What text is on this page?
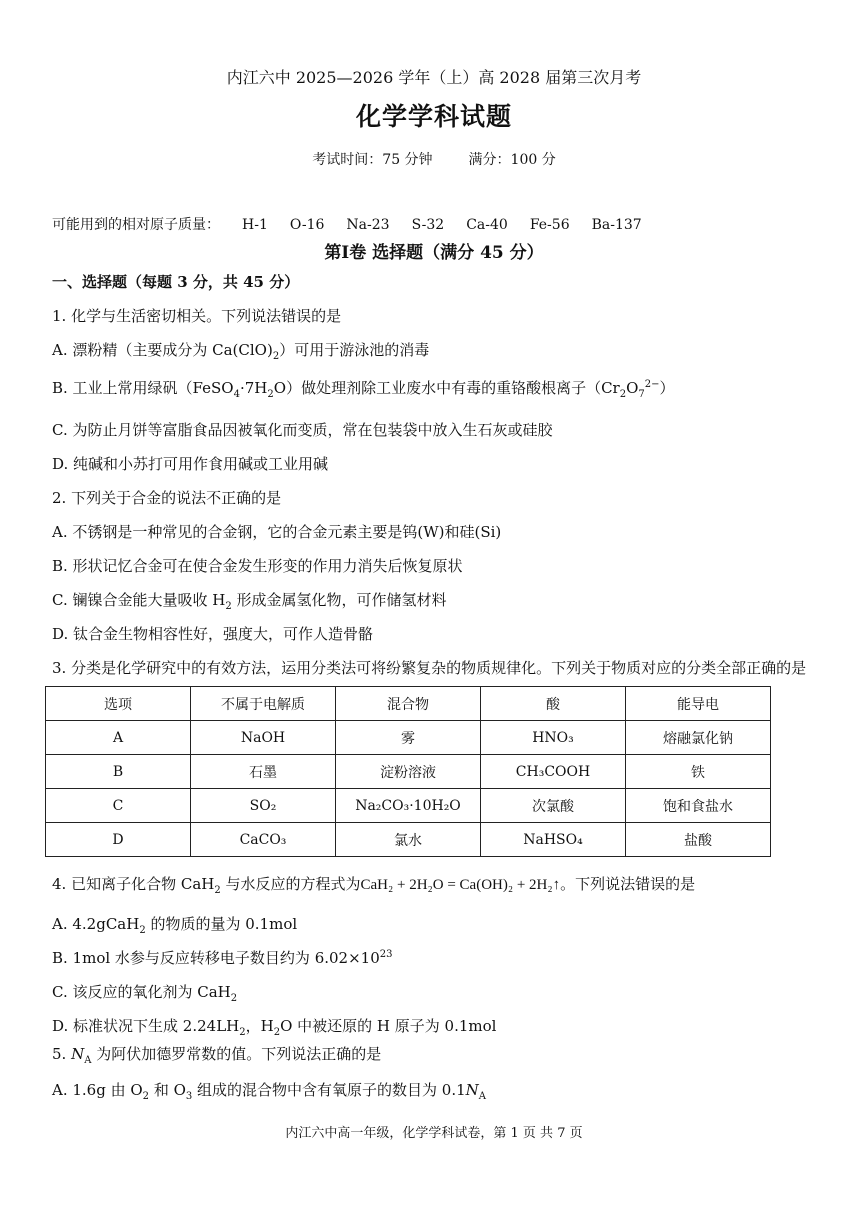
内江六中 2025—2026 学年（上）高 2028 届第三次月考
化学学科试题
考试时间：75 分钟	满分：100 分
可能用到的相对原子质量： H-1 O-16 Na-23 S-32 Ca-40 Fe-56 Ba-137
第Ⅰ卷 选择题（满分 45 分）
一、选择题（每题 3 分，共 45 分）
1. 化学与生活密切相关。下列说法错误的是
A. 漂粉精（主要成分为 $Ca(ClO)_2$）可用于游泳池的消毒
B. 工业上常用绿矾$(FeSO_4\cdot 7H_2O)$做处理剂除工业废水中有毒的重铬酸根离子$(Cr_2O_7^{2-})$
C. 为防止月饼等富脂食品因被氧化而变质，常在包装袋中放入生石灰或硅胶
D. 纯碱和小苏打可用作食用碱或工业用碱
2. 下列关于合金的说法不正确的是
A. 不锈钢是一种常见的合金钢，它的合金元素主要是钨(W)和硅(Si)
B. 形状记忆合金可在使合金发生形变的作用力消失后恢复原状
C. 镧镍合金能大量吸收 $H_2$ 形成金属氢化物，可作储氢材料
D. 钛合金生物相容性好，强度大，可作人造骨骼
3. 分类是化学研究中的有效方法，运用分类法可将纷繁复杂的物质规律化。下列关于物质对应的分类全部正确的是
选项	不属于电解质	混合物	酸	能导电
A	NaOH	雾	HNO₃	熔融氯化钠
B	石墨	淀粉溶液	CH₃COOH	铁
C	SO₂	Na₂CO₃·10H₂O	次氯酸	饱和食盐水
D	CaCO₃	氯水	NaHSO₄	盐酸
4. 已知离子化合物 CaH$_2$ 与水反应的方程式为CaH₂ + 2H₂O = Ca(OH)₂ + 2H₂↑。下列说法错误的是
A. 4.2gCaH$_2$ 的物质的量为 0.1mol
B. 1mol 水参与反应转移电子数目约为 $6.02\times 10^{23}$
C. 该反应的氧化剂为 CaH$_2$
D. 标准状况下生成 $2.24LH_2$，$H_2O$ 中被还原的 H 原子为 0.1mol
5. $N_A$ 为阿伏加德罗常数的值。下列说法正确的是
A. 1.6g 由 $O_2$ 和 $O_3$ 组成的混合物中含有氧原子的数目为 $0.1N_A$
内江六中高一年级，化学学科试卷，第 1 页 共 7 页
